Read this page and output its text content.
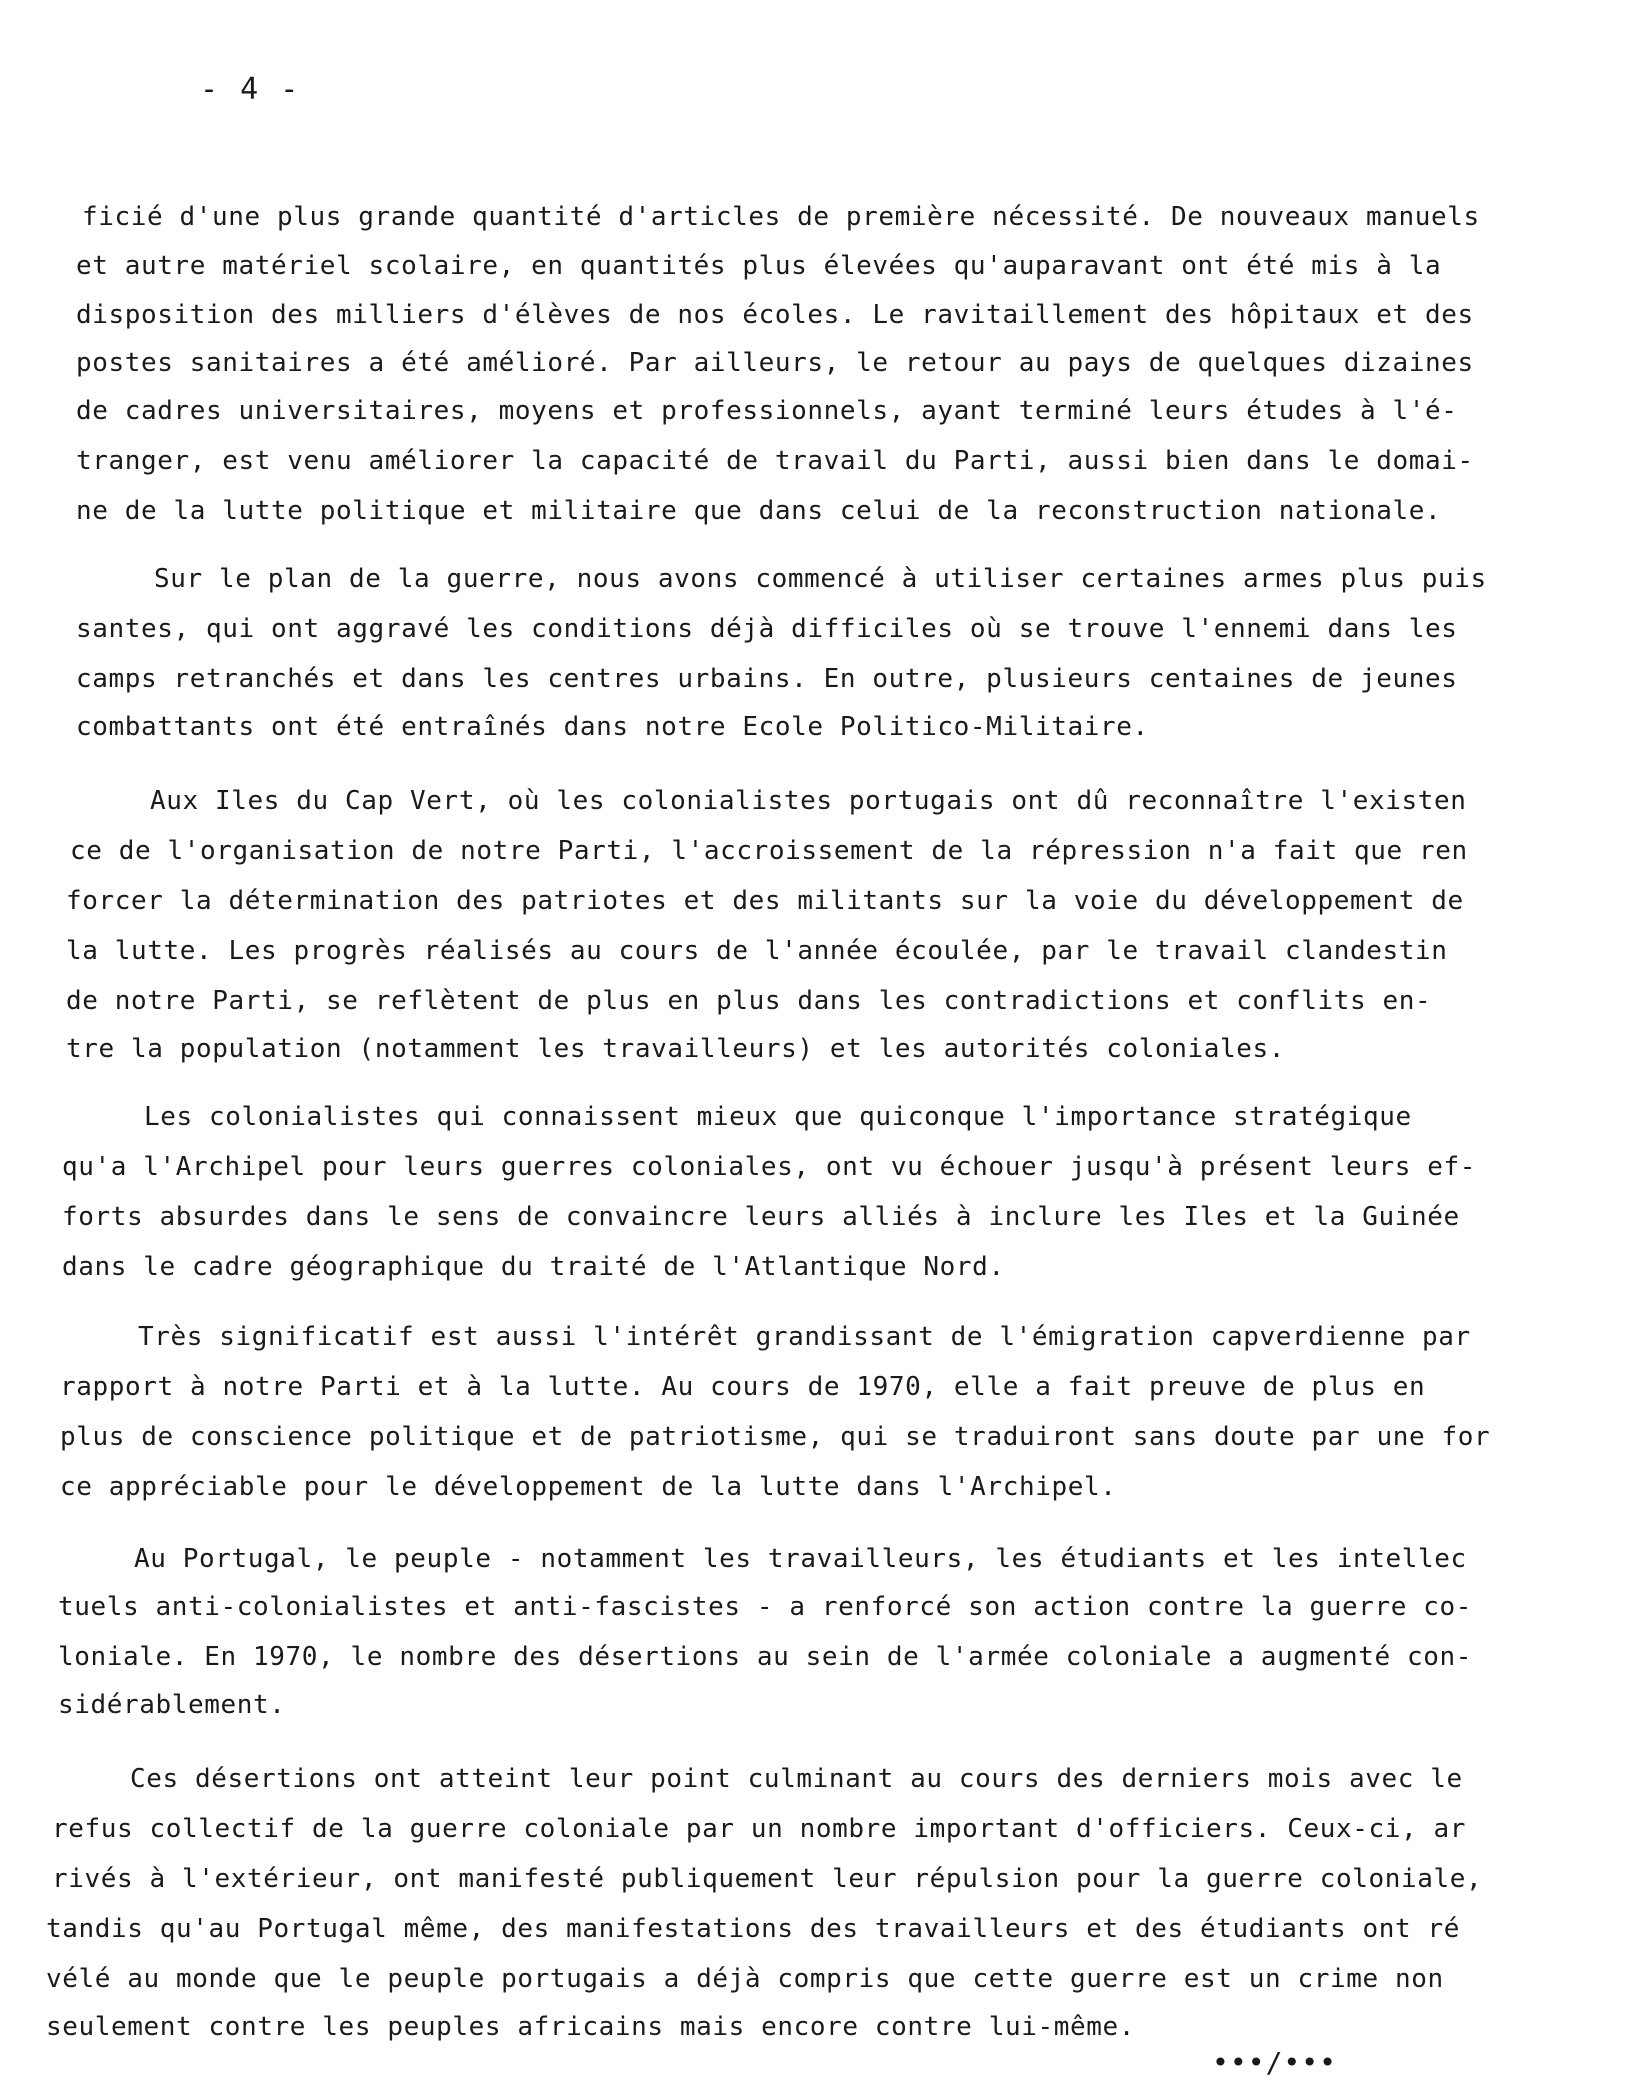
- 4 -
ficié d'une plus grande quantité d'articles de première nécessité. De nouveaux manuels
et autre matériel scolaire, en quantités plus élevées qu'auparavant ont été mis à la
disposition des milliers d'élèves de nos écoles. Le ravitaillement des hôpitaux et des
postes sanitaires a été amélioré. Par ailleurs, le retour au pays de quelques dizaines
de cadres universitaires, moyens et professionnels, ayant terminé leurs études à l'é-
tranger, est venu améliorer la capacité de travail du Parti, aussi bien dans le domai-
ne de la lutte politique et militaire que dans celui de la reconstruction nationale.
Sur le plan de la guerre, nous avons commencé à utiliser certaines armes plus puis
santes, qui ont aggravé les conditions déjà difficiles où se trouve l'ennemi dans les
camps retranchés et dans les centres urbains. En outre, plusieurs centaines de jeunes
combattants ont été entraînés dans notre Ecole Politico-Militaire.
Aux Iles du Cap Vert, où les colonialistes portugais ont dû reconnaître l'existen
ce de l'organisation de notre Parti, l'accroissement de la répression n'a fait que ren
forcer la détermination des patriotes et des militants sur la voie du développement de
la lutte. Les progrès réalisés au cours de l'année écoulée, par le travail clandestin
de notre Parti, se reflètent de plus en plus dans les contradictions et conflits en-
tre la population (notamment les travailleurs) et les autorités coloniales.
Les colonialistes qui connaissent mieux que quiconque l'importance stratégique
qu'a l'Archipel pour leurs guerres coloniales, ont vu échouer jusqu'à présent leurs ef-
forts absurdes dans le sens de convaincre leurs alliés à inclure les Iles et la Guinée
dans le cadre géographique du traité de l'Atlantique Nord.
Très significatif est aussi l'intérêt grandissant de l'émigration capverdienne par
rapport à notre Parti et à la lutte. Au cours de 1970, elle a fait preuve de plus en
plus de conscience politique et de patriotisme, qui se traduiront sans doute par une for
ce appréciable pour le développement de la lutte dans l'Archipel.
Au Portugal, le peuple - notamment les travailleurs, les étudiants et les intellec
tuels anti-colonialistes et anti-fascistes - a renforcé son action contre la guerre co-
loniale. En 1970, le nombre des désertions au sein de l'armée coloniale a augmenté con-
sidérablement.
Ces désertions ont atteint leur point culminant au cours des derniers mois avec le
refus collectif de la guerre coloniale par un nombre important d'officiers. Ceux-ci, ar
rivés à l'extérieur, ont manifesté publiquement leur répulsion pour la guerre coloniale,
tandis qu'au Portugal même, des manifestations des travailleurs et des étudiants ont ré
vélé au monde que le peuple portugais a déjà compris que cette guerre est un crime non
seulement contre les peuples africains mais encore contre lui-même.
•••/•••
